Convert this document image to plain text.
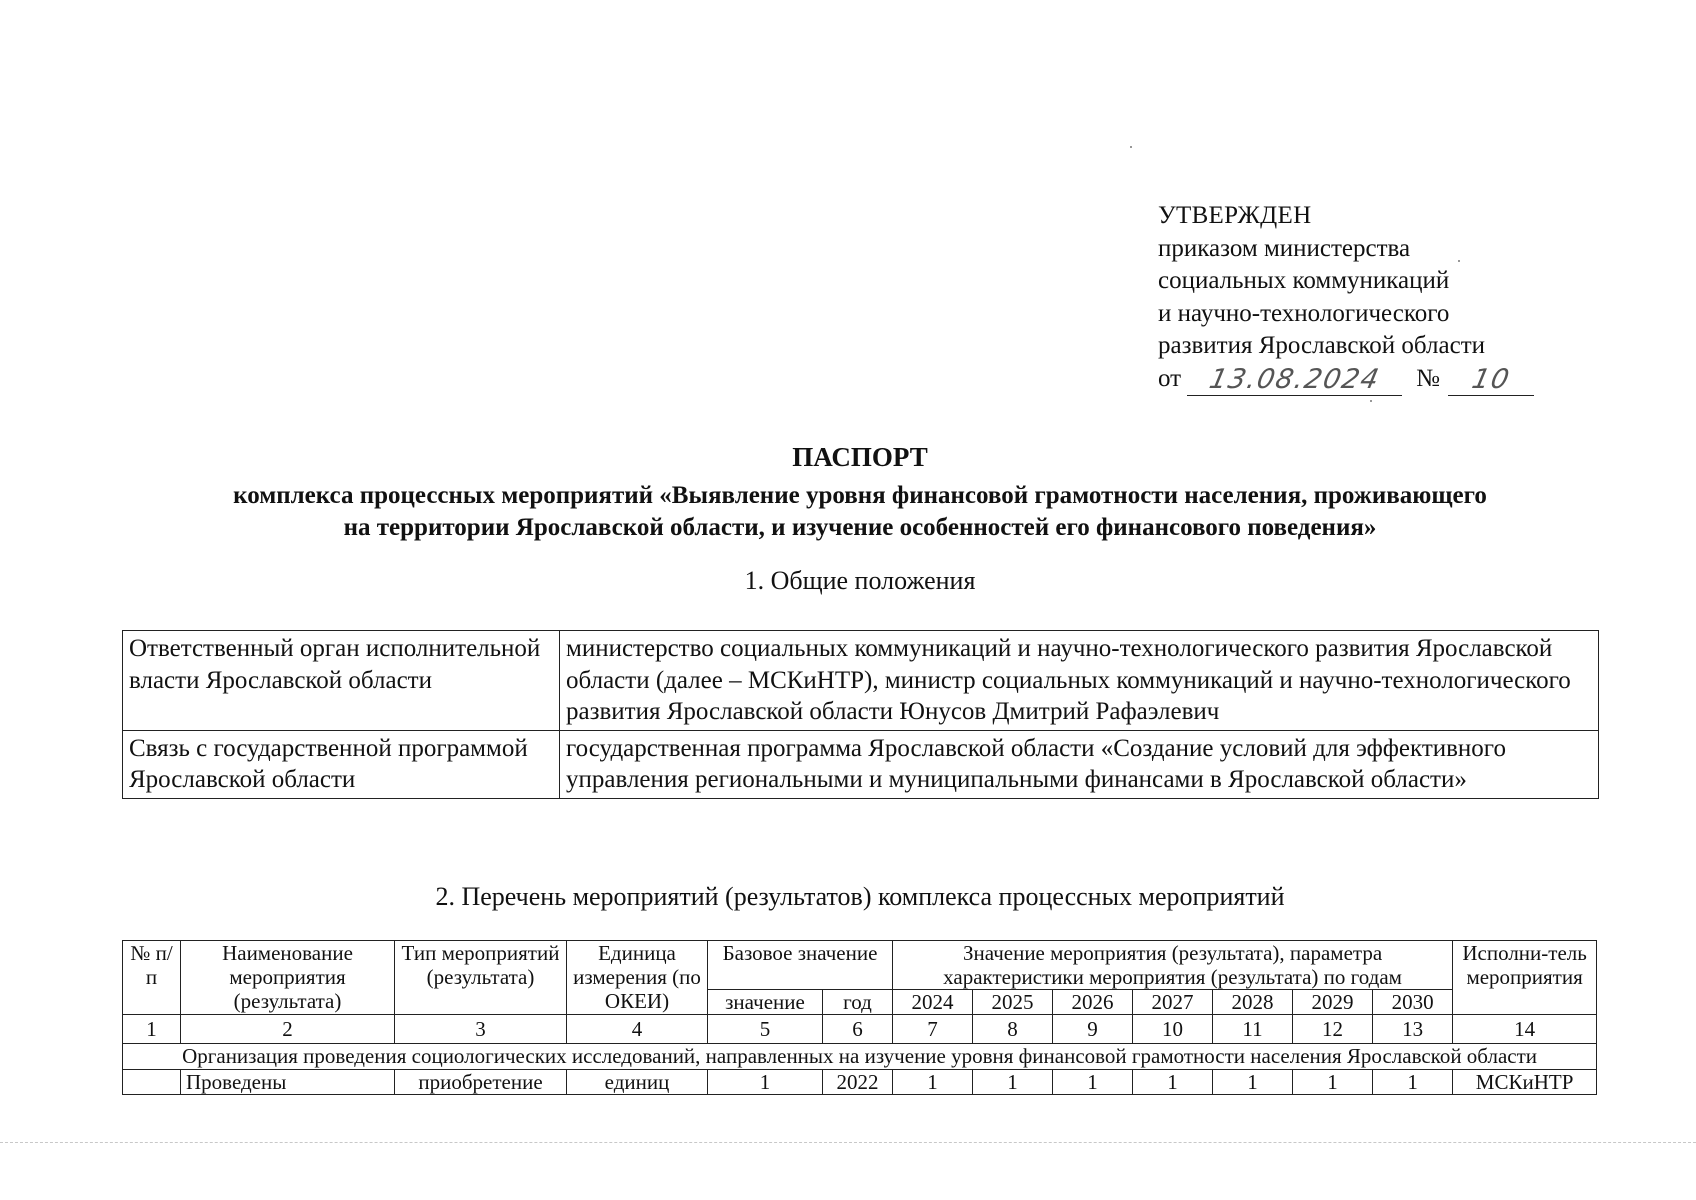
УТВЕРЖДЕН
приказом министерства
социальных коммуникаций
и научно-технологического
развития Ярославской области
от 13.08.2024	№	10
ПАСПОРТ
комплекса процессных мероприятий «Выявление уровня финансовой грамотности населения, проживающего
на территории Ярославской области, и изучение особенностей его финансового поведения»
1. Общие положения
Ответственный орган исполнительной власти Ярославской области	министерство социальных коммуникаций и научно-технологического развития Ярославской области (далее – МСКиНТР), министр социальных коммуникаций и научно-технологического развития Ярославской области Юнусов Дмитрий Рафаэлевич
Связь с государственной программой Ярославской области	государственная программа Ярославской области «Создание условий для эффективного управления региональными и муниципальными финансами в Ярославской области»
2. Перечень мероприятий (результатов) комплекса процессных мероприятий
№ п/п	Наименование мероприятия (результата)	Тип мероприятий (результата)	Единица измерения (по ОКЕИ)	Базовое значение		Значение мероприятия (результата), параметра характеристики мероприятия (результата) по годам							Исполни-тель мероприятия
				значение	год	2024	2025	2026	2027	2028	2029	2030	
1	2	3	4	5	6	7	8	9	10	11	12	13	14
Организация проведения социологических исследований, направленных на изучение уровня финансовой грамотности населения Ярославской области													
	Проведены	приобретение	единиц	1	2022	1	1	1	1	1	1	1	МСКиНТР
